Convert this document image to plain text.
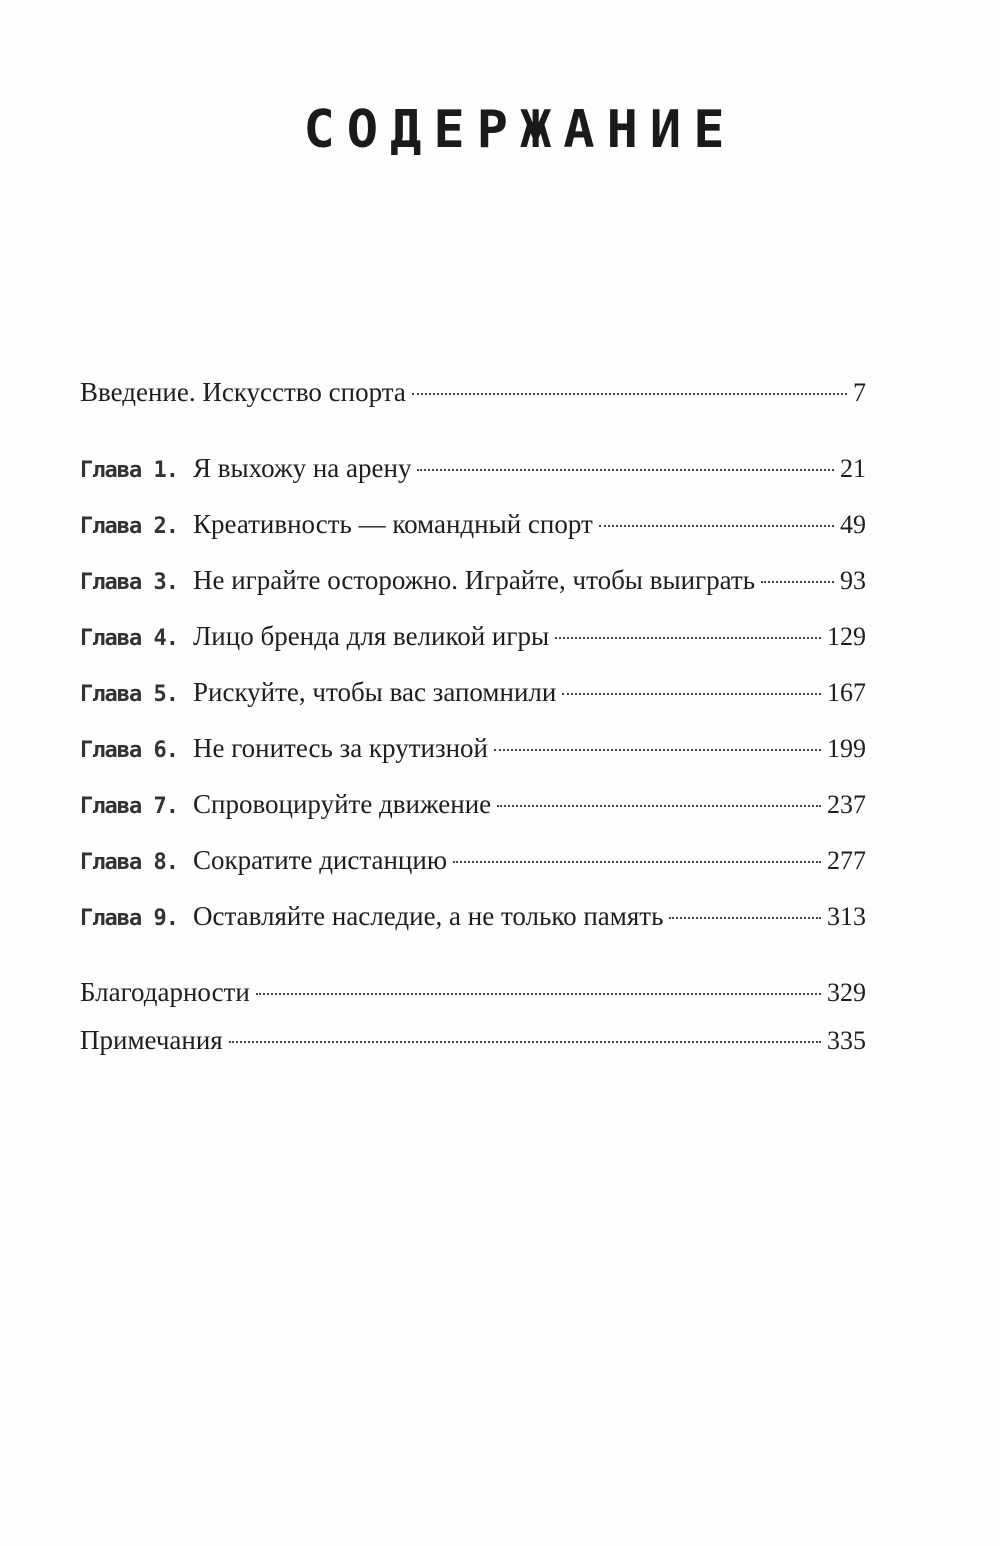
СОДЕРЖАНИЕ
Введение. Искусство спорта	7
Глава 1. Я выхожу на арену	21
Глава 2. Креативность — командный спорт	49
Глава 3. Не играйте осторожно. Играйте, чтобы выиграть	93
Глава 4. Лицо бренда для великой игры	129
Глава 5. Рискуйте, чтобы вас запомнили	167
Глава 6. Не гонитесь за крутизной	199
Глава 7. Спровоцируйте движение	237
Глава 8. Сократите дистанцию	277
Глава 9. Оставляйте наследие, а не только память	313
Благодарности	329
Примечания	335
